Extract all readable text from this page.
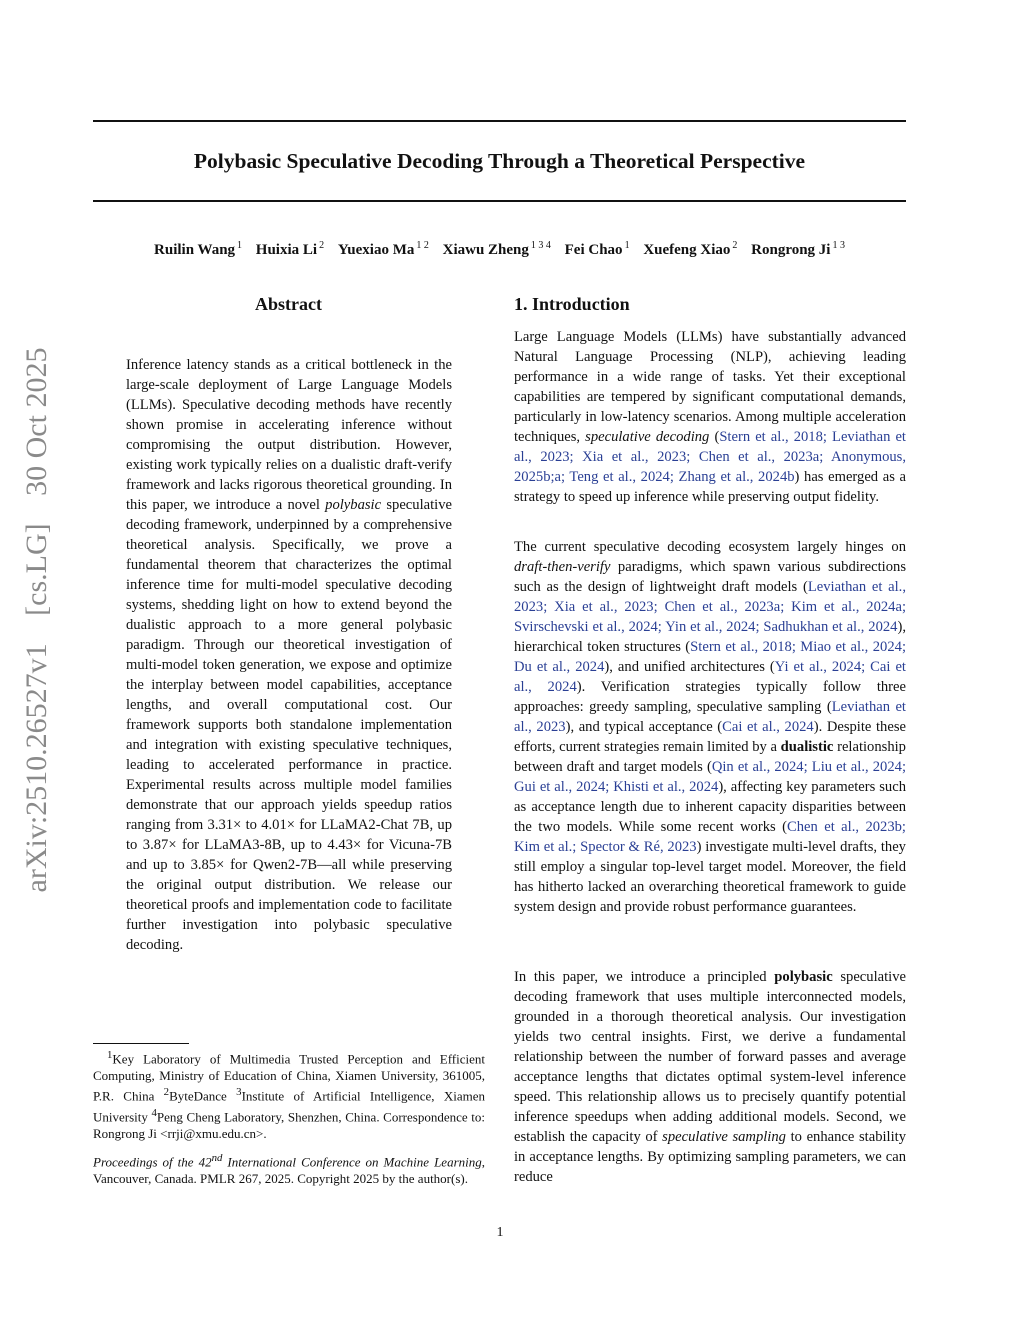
Polybasic Speculative Decoding Through a Theoretical Perspective
Ruilin Wang $^1$ Huixia Li $^2$ Yuexiao Ma $^{1 2}$ Xiawu Zheng $^{1 3 4}$ Fei Chao $^1$ Xuefeng Xiao $^2$ Rongrong Ji $^{1 3}$
arXiv:2510.26527v1 [cs.LG] 30 Oct 2025
Abstract
Inference latency stands as a critical bottleneck in the large-scale deployment of Large Language Models (LLMs). Speculative decoding methods have recently shown promise in accelerating inference without compromising the output distribution. However, existing work typically relies on a dualistic draft-verify framework and lacks rigorous theoretical grounding. In this paper, we introduce a novel polybasic speculative decoding framework, underpinned by a comprehensive theoretical analysis. Specifically, we prove a fundamental theorem that characterizes the optimal inference time for multi-model speculative decoding systems, shedding light on how to extend beyond the dualistic approach to a more general polybasic paradigm. Through our theoretical investigation of multi-model token generation, we expose and optimize the interplay between model capabilities, acceptance lengths, and overall computational cost. Our framework supports both standalone implementation and integration with existing speculative techniques, leading to accelerated performance in practice. Experimental results across multiple model families demonstrate that our approach yields speedup ratios ranging from 3.31× to 4.01× for LLaMA2-Chat 7B, up to 3.87× for LLaMA3-8B, up to 4.43× for Vicuna-7B and up to 3.85× for Qwen2-7B—all while preserving the original output distribution. We release our theoretical proofs and implementation code to facilitate further investigation into polybasic speculative decoding.
1. Introduction
Large Language Models (LLMs) have substantially advanced Natural Language Processing (NLP), achieving leading performance in a wide range of tasks. Yet their exceptional capabilities are tempered by significant computational demands, particularly in low-latency scenarios. Among multiple acceleration techniques, speculative decoding (Stern et al., 2018; Leviathan et al., 2023; Xia et al., 2023; Chen et al., 2023a; Anonymous, 2025b;a; Teng et al., 2024; Zhang et al., 2024b) has emerged as a strategy to speed up inference while preserving output fidelity.
The current speculative decoding ecosystem largely hinges on draft-then-verify paradigms, which spawn various subdirections such as the design of lightweight draft models (Leviathan et al., 2023; Xia et al., 2023; Chen et al., 2023a; Kim et al., 2024a; Svirschevski et al., 2024; Yin et al., 2024; Sadhukhan et al., 2024), hierarchical token structures (Stern et al., 2018; Miao et al., 2024; Du et al., 2024), and unified architectures (Yi et al., 2024; Cai et al., 2024). Verification strategies typically follow three approaches: greedy sampling, speculative sampling (Leviathan et al., 2023), and typical acceptance (Cai et al., 2024). Despite these efforts, current strategies remain limited by a dualistic relationship between draft and target models (Qin et al., 2024; Liu et al., 2024; Gui et al., 2024; Khisti et al., 2024), affecting key parameters such as acceptance length due to inherent capacity disparities between the two models. While some recent works (Chen et al., 2023b; Kim et al.; Spector & Ré, 2023) investigate multi-level drafts, they still employ a singular top-level target model. Moreover, the field has hitherto lacked an overarching theoretical framework to guide system design and provide robust performance guarantees.
In this paper, we introduce a principled polybasic speculative decoding framework that uses multiple interconnected models, grounded in a thorough theoretical analysis. Our investigation yields two central insights. First, we derive a fundamental relationship between the number of forward passes and average acceptance lengths that dictates optimal system-level inference speed. This relationship allows us to precisely quantify potential inference speedups when adding additional models. Second, we establish the capacity of speculative sampling to enhance stability in acceptance lengths. By optimizing sampling parameters, we can reduce
$^1$Key Laboratory of Multimedia Trusted Perception and Efficient Computing, Ministry of Education of China, Xiamen University, 361005, P.R. China $^2$ByteDance $^3$Institute of Artificial Intelligence, Xiamen University $^4$Peng Cheng Laboratory, Shenzhen, China. Correspondence to: Rongrong Ji <rrji@xmu.edu.cn>.
Proceedings of the 42nd International Conference on Machine Learning, Vancouver, Canada. PMLR 267, 2025. Copyright 2025 by the author(s).
1
